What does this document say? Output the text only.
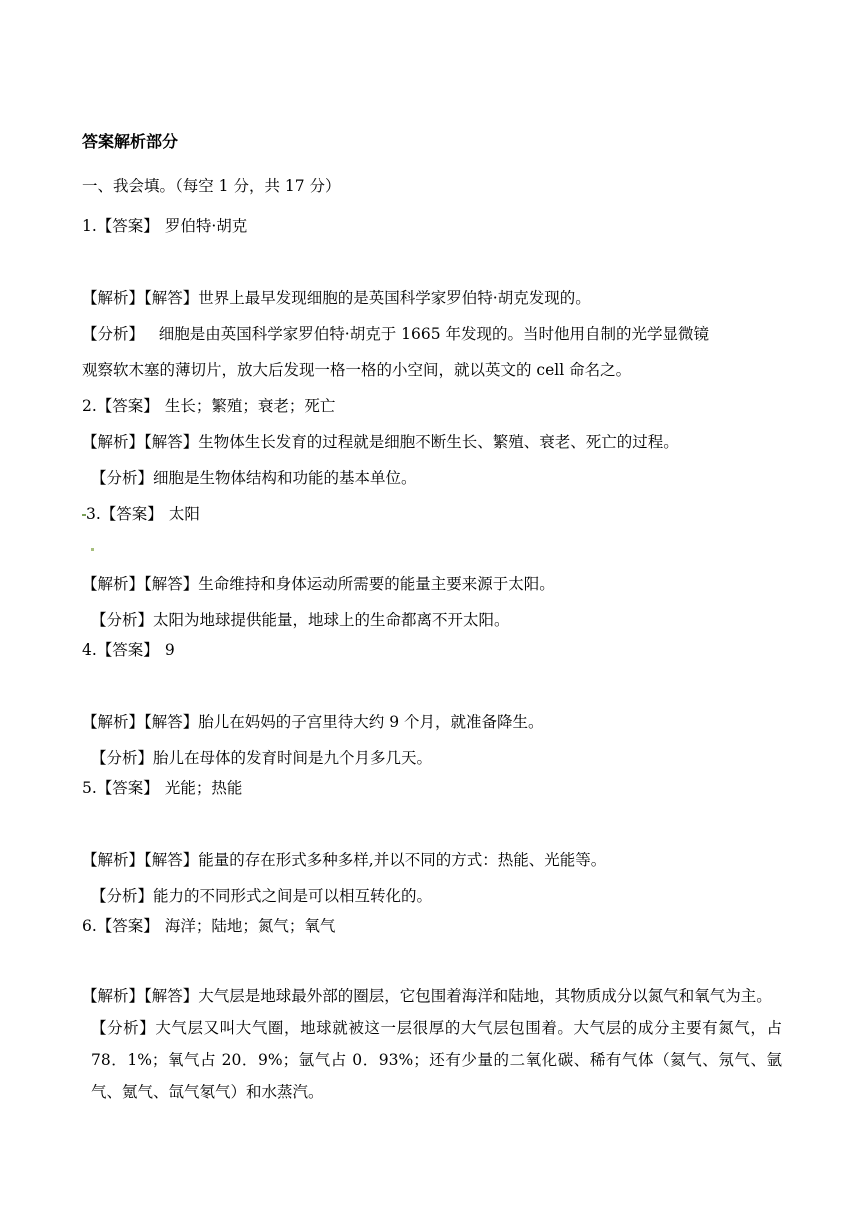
答案解析部分
一、我会填。（每空 1 分，共 17 分）
1.【答案】 罗伯特·胡克
【解析】【解答】世界上最早发现细胞的是英国科学家罗伯特·胡克发现的。
【分析】 细胞是由英国科学家罗伯特·胡克于 1665 年发现的。当时他用自制的光学显微镜
观察软木塞的薄切片，放大后发现一格一格的小空间，就以英文的 cell 命名之。
2.【答案】 生长；繁殖；衰老；死亡
【解析】【解答】生物体生长发育的过程就是细胞不断生长、繁殖、衰老、死亡的过程。
【分析】细胞是生物体结构和功能的基本单位。
3.【答案】 太阳
【解析】【解答】生命维持和身体运动所需要的能量主要来源于太阳。
【分析】太阳为地球提供能量，地球上的生命都离不开太阳。
4.【答案】 9
【解析】【解答】胎儿在妈妈的子宫里待大约 9 个月，就准备降生。
【分析】胎儿在母体的发育时间是九个月多几天。
5.【答案】 光能；热能
【解析】【解答】能量的存在形式多种多样,并以不同的方式：热能、光能等。
【分析】能力的不同形式之间是可以相互转化的。
6.【答案】 海洋；陆地；氮气；氧气
【解析】【解答】大气层是地球最外部的圈层，它包围着海洋和陆地，其物质成分以氮气和氧气为主。
【分析】大气层又叫大气圈，地球就被这一层很厚的大气层包围着。大气层的成分主要有氮气，占 78．1%；氧气占 20．9%；氩气占 0．93%；还有少量的二氧化碳、稀有气体（氦气、氖气、氩气、氪气、氙气氡气）和水蒸汽。
